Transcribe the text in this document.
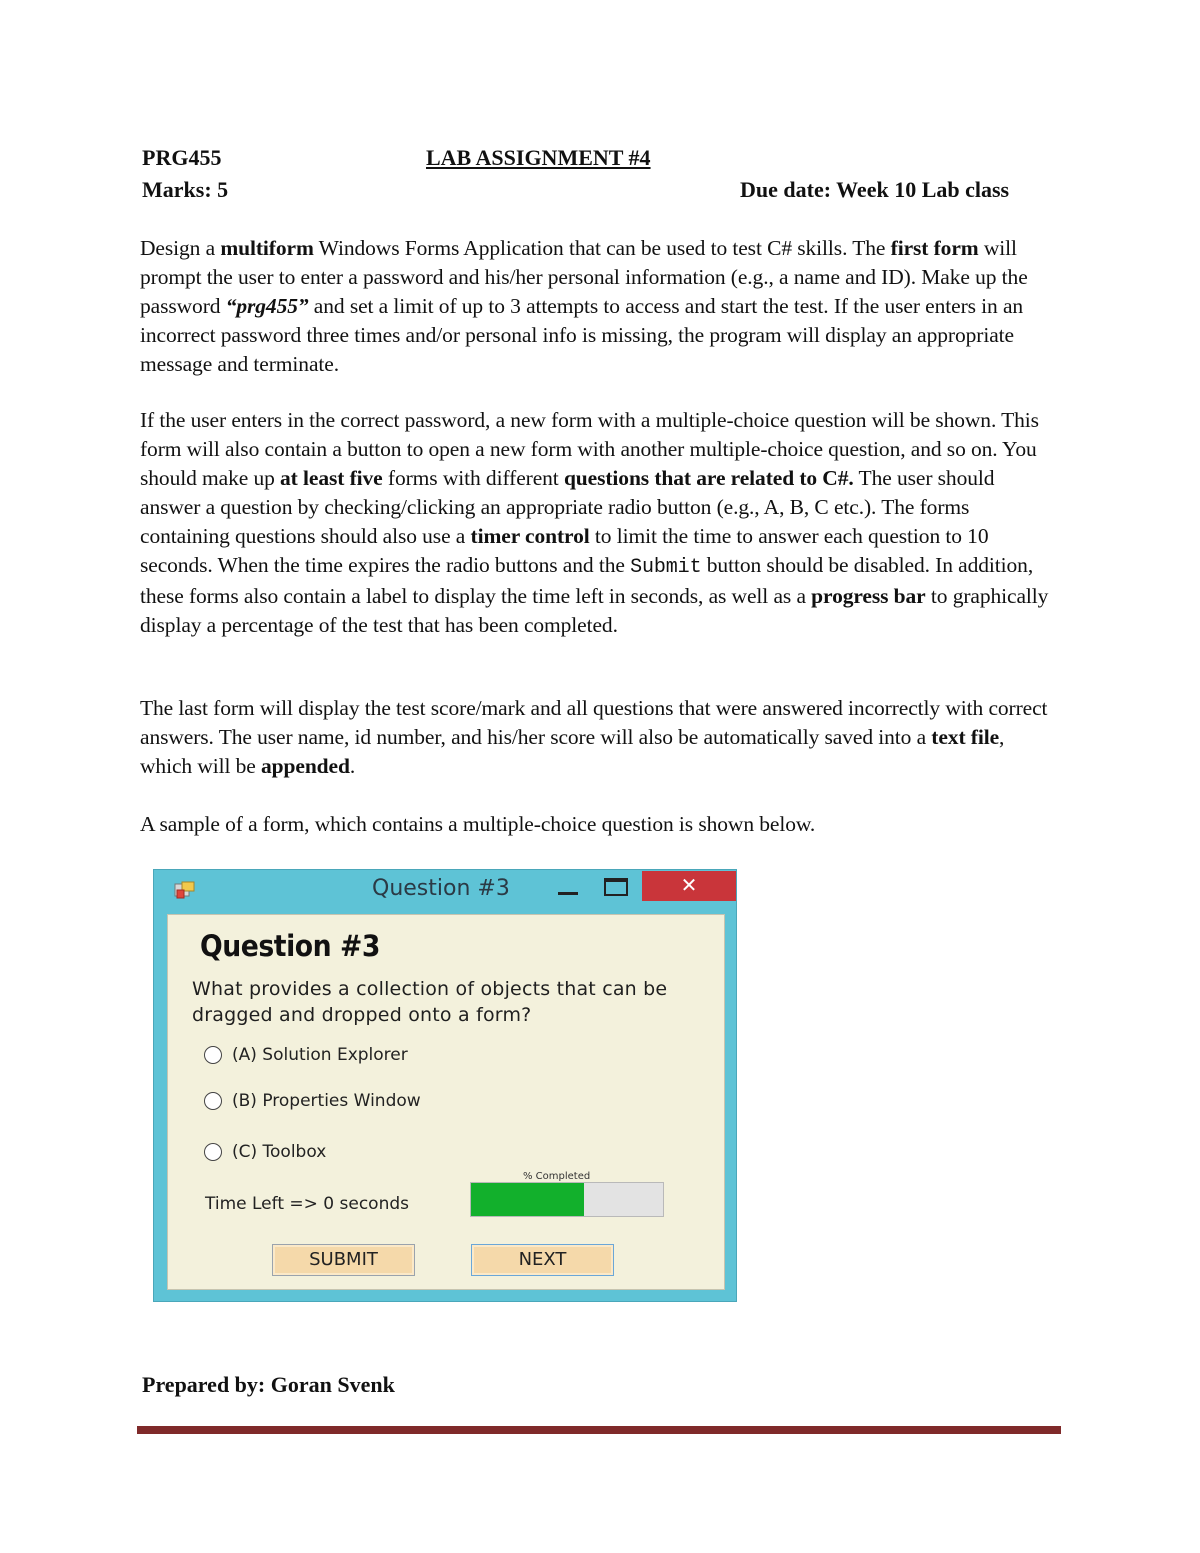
PRG455	LAB ASSIGNMENT #4
Marks: 5	Due date: Week 10 Lab class

Design a multiform Windows Forms Application that can be used to test C# skills. The first form will prompt the user to enter a password and his/her personal information (e.g., a name and ID). Make up the password “prg455” and set a limit of up to 3 attempts to access and start the test. If the user enters in an incorrect password three times and/or personal info is missing, the program will display an appropriate message and terminate.

If the user enters in the correct password, a new form with a multiple-choice question will be shown. This form will also contain a button to open a new form with another multiple-choice question, and so on. You should make up at least five forms with different questions that are related to C#. The user should answer a question by checking/clicking an appropriate radio button (e.g., A, B, C etc.). The forms containing questions should also use a timer control to limit the time to answer each question to 10 seconds. When the time expires the radio buttons and the Submit button should be disabled. In addition, these forms also contain a label to display the time left in seconds, as well as a progress bar to graphically display a percentage of the test that has been completed.

The last form will display the test score/mark and all questions that were answered incorrectly with correct answers. The user name, id number, and his/her score will also be automatically saved into a text file, which will be appended.

A sample of a form, which contains a multiple-choice question is shown below.

Question #3	✕
Question #3

What provides a collection of objects that can be dragged and dropped onto a form?

(A) Solution Explorer
(B) Properties Window
(C) Toolbox
Time Left => 0 seconds
% Completed
SUBMIT	NEXT
Prepared by: Goran Svenk
